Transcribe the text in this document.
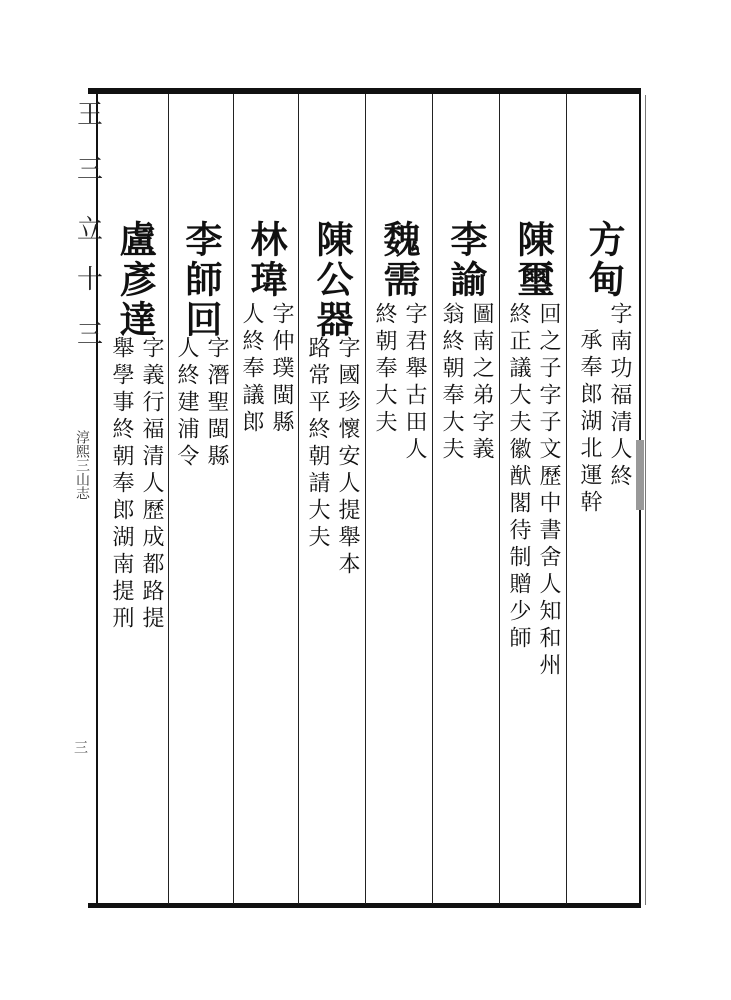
王
三
立
十
三
淳熙三山志
三
方甸
字南功福清人終
承奉郎湖北運幹
陳璽
回之子字子文歷中書舍人知和州
終正議大夫徽猷閣待制贈少師
李諭
圖南之弟字義
翁終朝奉大夫
魏需
字君舉古田人
終朝奉大夫
陳公器
字國珍懷安人提舉本
路常平終朝請大夫
林瑋
字仲璞閩縣
人終奉議郎
李師回
字潛聖閩縣
人終建浦令
盧彥達
字義行福清人歷成都路提
舉學事終朝奉郎湖南提刑
